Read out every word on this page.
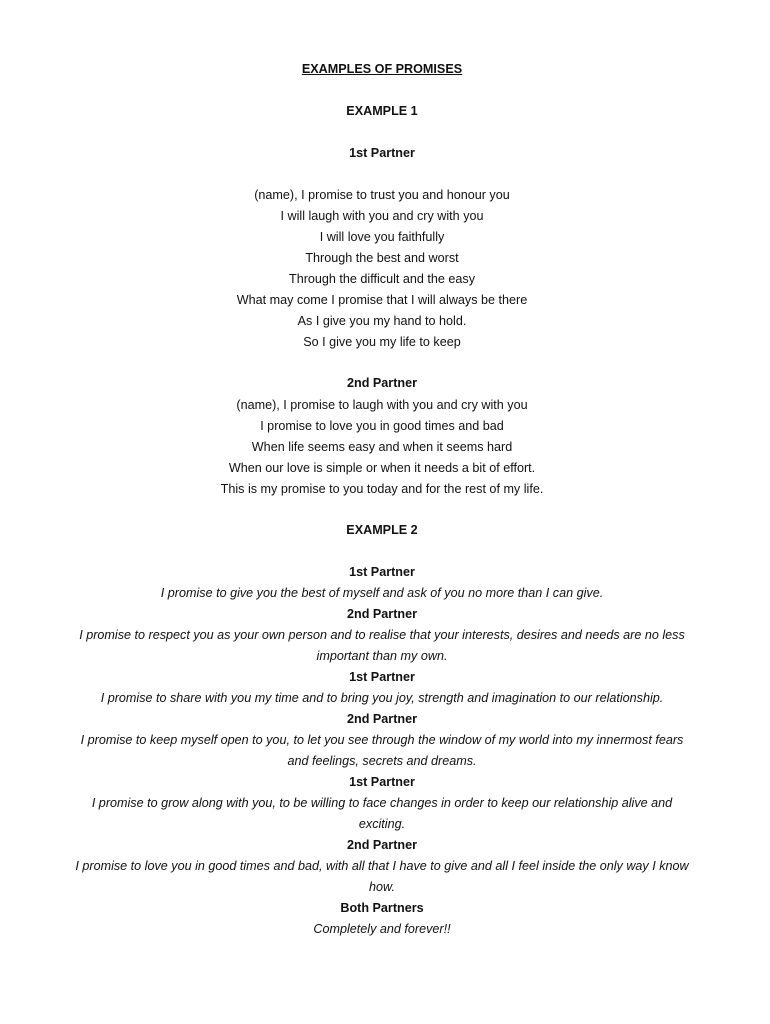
EXAMPLES OF PROMISES
EXAMPLE 1
1st Partner
(name), I promise to trust you and honour you
I will laugh with you and cry with you
I will love you faithfully
Through the best and worst
Through the difficult and the easy
What may come I promise that I will always be there
As I give you my hand to hold.
So I give you my life to keep
2nd Partner
(name), I promise to laugh with you and cry with you
I promise to love you in good times and bad
When life seems easy and when it seems hard
When our love is simple or when it needs a bit of effort.
This is my promise to you today and for the rest of my life.
EXAMPLE 2
1st Partner
I promise to give you the best of myself and ask of you no more than I can give.
2nd Partner
I promise to respect you as your own person and to realise that your interests, desires and needs are no less
important than my own.
1st Partner
I promise to share with you my time and to bring you joy, strength and imagination to our relationship.
2nd Partner
I promise to keep myself open to you, to let you see through the window of my world into my innermost fears
and feelings, secrets and dreams.
1st Partner
I promise to grow along with you, to be willing to face changes in order to keep our relationship alive and
exciting.
2nd Partner
I promise to love you in good times and bad, with all that I have to give and all I feel inside the only way I know
how.
Both Partners
Completely and forever!!
